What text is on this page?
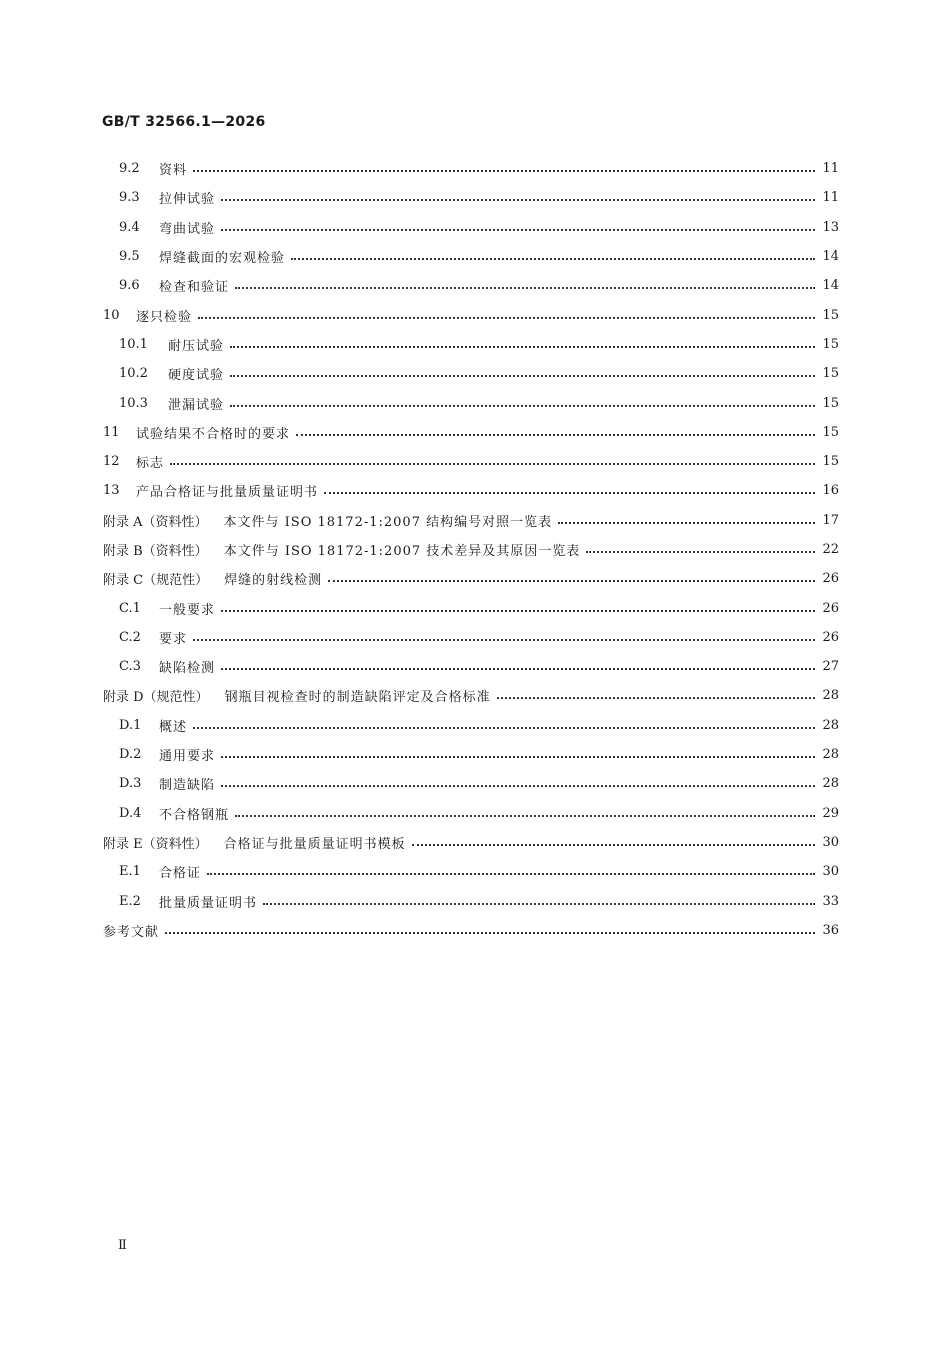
GB/T 32566.1—2026
9.2	资料	11
9.3	拉伸试验	11
9.4	弯曲试验	13
9.5	焊缝截面的宏观检验	14
9.6	检查和验证	14
10	逐只检验	15
10.1	耐压试验	15
10.2	硬度试验	15
10.3	泄漏试验	15
11	试验结果不合格时的要求	15
12	标志	15
13	产品合格证与批量质量证明书	16
附录 A（资料性） 本文件与 ISO 18172-1:2007 结构编号对照一览表	17
附录 B（资料性） 本文件与 ISO 18172-1:2007 技术差异及其原因一览表	22
附录 C（规范性） 焊缝的射线检测	26
C.1	一般要求	26
C.2	要求	26
C.3	缺陷检测	27
附录 D（规范性） 钢瓶目视检查时的制造缺陷评定及合格标准	28
D.1	概述	28
D.2	通用要求	28
D.3	制造缺陷	28
D.4	不合格钢瓶	29
附录 E（资料性） 合格证与批量质量证明书模板	30
E.1	合格证	30
E.2	批量质量证明书	33
参考文献	36
Ⅱ
